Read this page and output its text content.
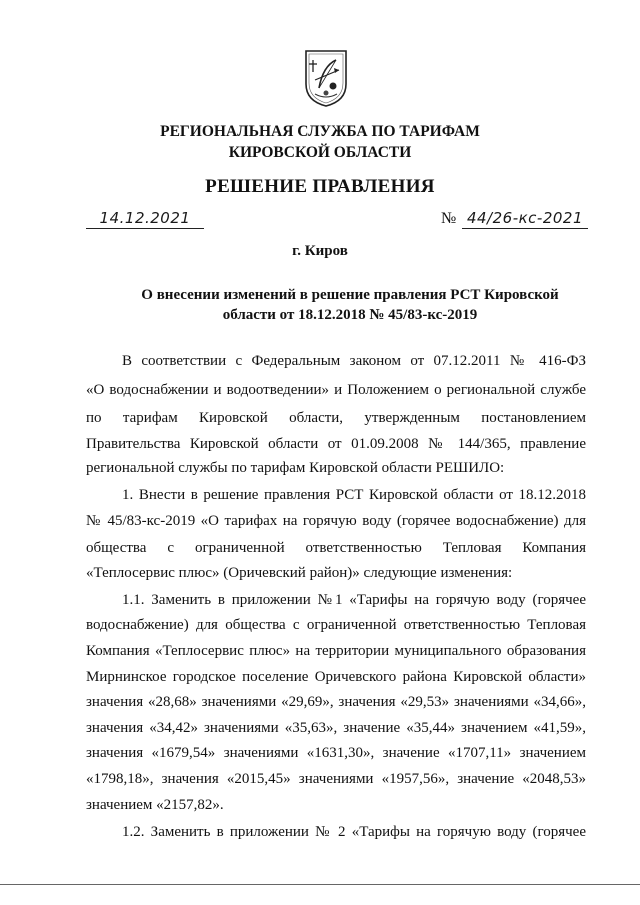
РЕГИОНАЛЬНАЯ СЛУЖБА ПО ТАРИФАМ
КИРОВСКОЙ ОБЛАСТИ
РЕШЕНИЕ ПРАВЛЕНИЯ
14.12.2021	№ 44/26-кс-2021
г. Киров
О внесении изменений в решение правления РСТ Кировской
области от 18.12.2018 № 45/83-кс-2019
В соответствии с Федеральным законом от 07.12.2011 № 416-ФЗ
«О водоснабжении и водоотведении» и Положением о региональной службе
по тарифам Кировской области, утвержденным постановлением
Правительства Кировской области от 01.09.2008 № 144/365, правление
региональной службы по тарифам Кировской области РЕШИЛО:
1. Внести в решение правления РСТ Кировской области от 18.12.2018
№ 45/83-кс-2019 «О тарифах на горячую воду (горячее водоснабжение) для
общества с ограниченной ответственностью Тепловая Компания
«Теплосервис плюс» (Оричевский район)» следующие изменения:
1.1. Заменить в приложении №1 «Тарифы на горячую воду (горячее
водоснабжение) для общества с ограниченной ответственностью Тепловая
Компания «Теплосервис плюс» на территории муниципального образования
Мирнинское городское поселение Оричевского района Кировской области»
значения «28,68» значениями «29,69», значения «29,53» значениями «34,66»,
значения «34,42» значениями «35,63», значение «35,44» значением «41,59»,
значения «1679,54» значениями «1631,30», значение «1707,11» значением
«1798,18», значения «2015,45» значениями «1957,56», значение «2048,53»
значением «2157,82».
1.2. Заменить в приложении № 2 «Тарифы на горячую воду (горячее
